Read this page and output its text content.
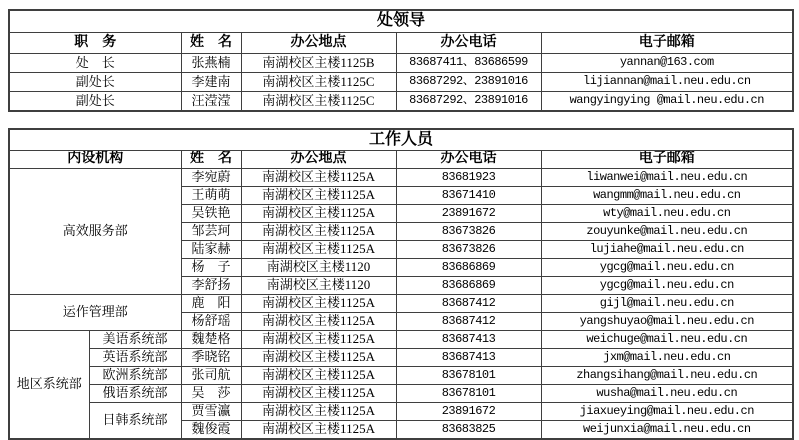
处领导				
职　务	姓　名	办公地点	办公电话	电子邮箱
处　长	张燕楠	南湖校区主楼1125B	83687411、83686599	yannan@163.com
副处长	李建南	南湖校区主楼1125C	83687292、23891016	lijiannan@mail.neu.edu.cn
副处长	汪滢滢	南湖校区主楼1125C	83687292、23891016	wangyingying @mail.neu.edu.cn
工作人员					
内设机构		姓　名	办公地点	办公电话	电子邮箱
高效服务部		李宛蔚	南湖校区主楼1125A	83681923	liwanwei@mail.neu.edu.cn
		王萌萌	南湖校区主楼1125A	83671410	wangmm@mail.neu.edu.cn
		吴铁艳	南湖校区主楼1125A	23891672	wty@mail.neu.edu.cn
		邹芸珂	南湖校区主楼1125A	83673826	zouyunke@mail.neu.edu.cn
		陆家赫	南湖校区主楼1125A	83673826	lujiahe@mail.neu.edu.cn
		杨　子	南湖校区主楼1120	83686869	ygcg@mail.neu.edu.cn
		李舒扬	南湖校区主楼1120	83686869	ygcg@mail.neu.edu.cn
运作管理部		鹿　阳	南湖校区主楼1125A	83687412	gijl@mail.neu.edu.cn
		杨舒瑶	南湖校区主楼1125A	83687412	yangshuyao@mail.neu.edu.cn
地区系统部	美语系统部	魏楚格	南湖校区主楼1125A	83687413	weichuge@mail.neu.edu.cn
	英语系统部	季晓铭	南湖校区主楼1125A	83687413	jxm@mail.neu.edu.cn
	欧洲系统部	张司航	南湖校区主楼1125A	83678101	zhangsihang@mail.neu.edu.cn
	俄语系统部	吴　莎	南湖校区主楼1125A	83678101	wusha@mail.neu.edu.cn
	日韩系统部	贾雪瀛	南湖校区主楼1125A	23891672	jiaxueying@mail.neu.edu.cn
		魏俊霞	南湖校区主楼1125A	83683825	weijunxia@mail.neu.edu.cn
